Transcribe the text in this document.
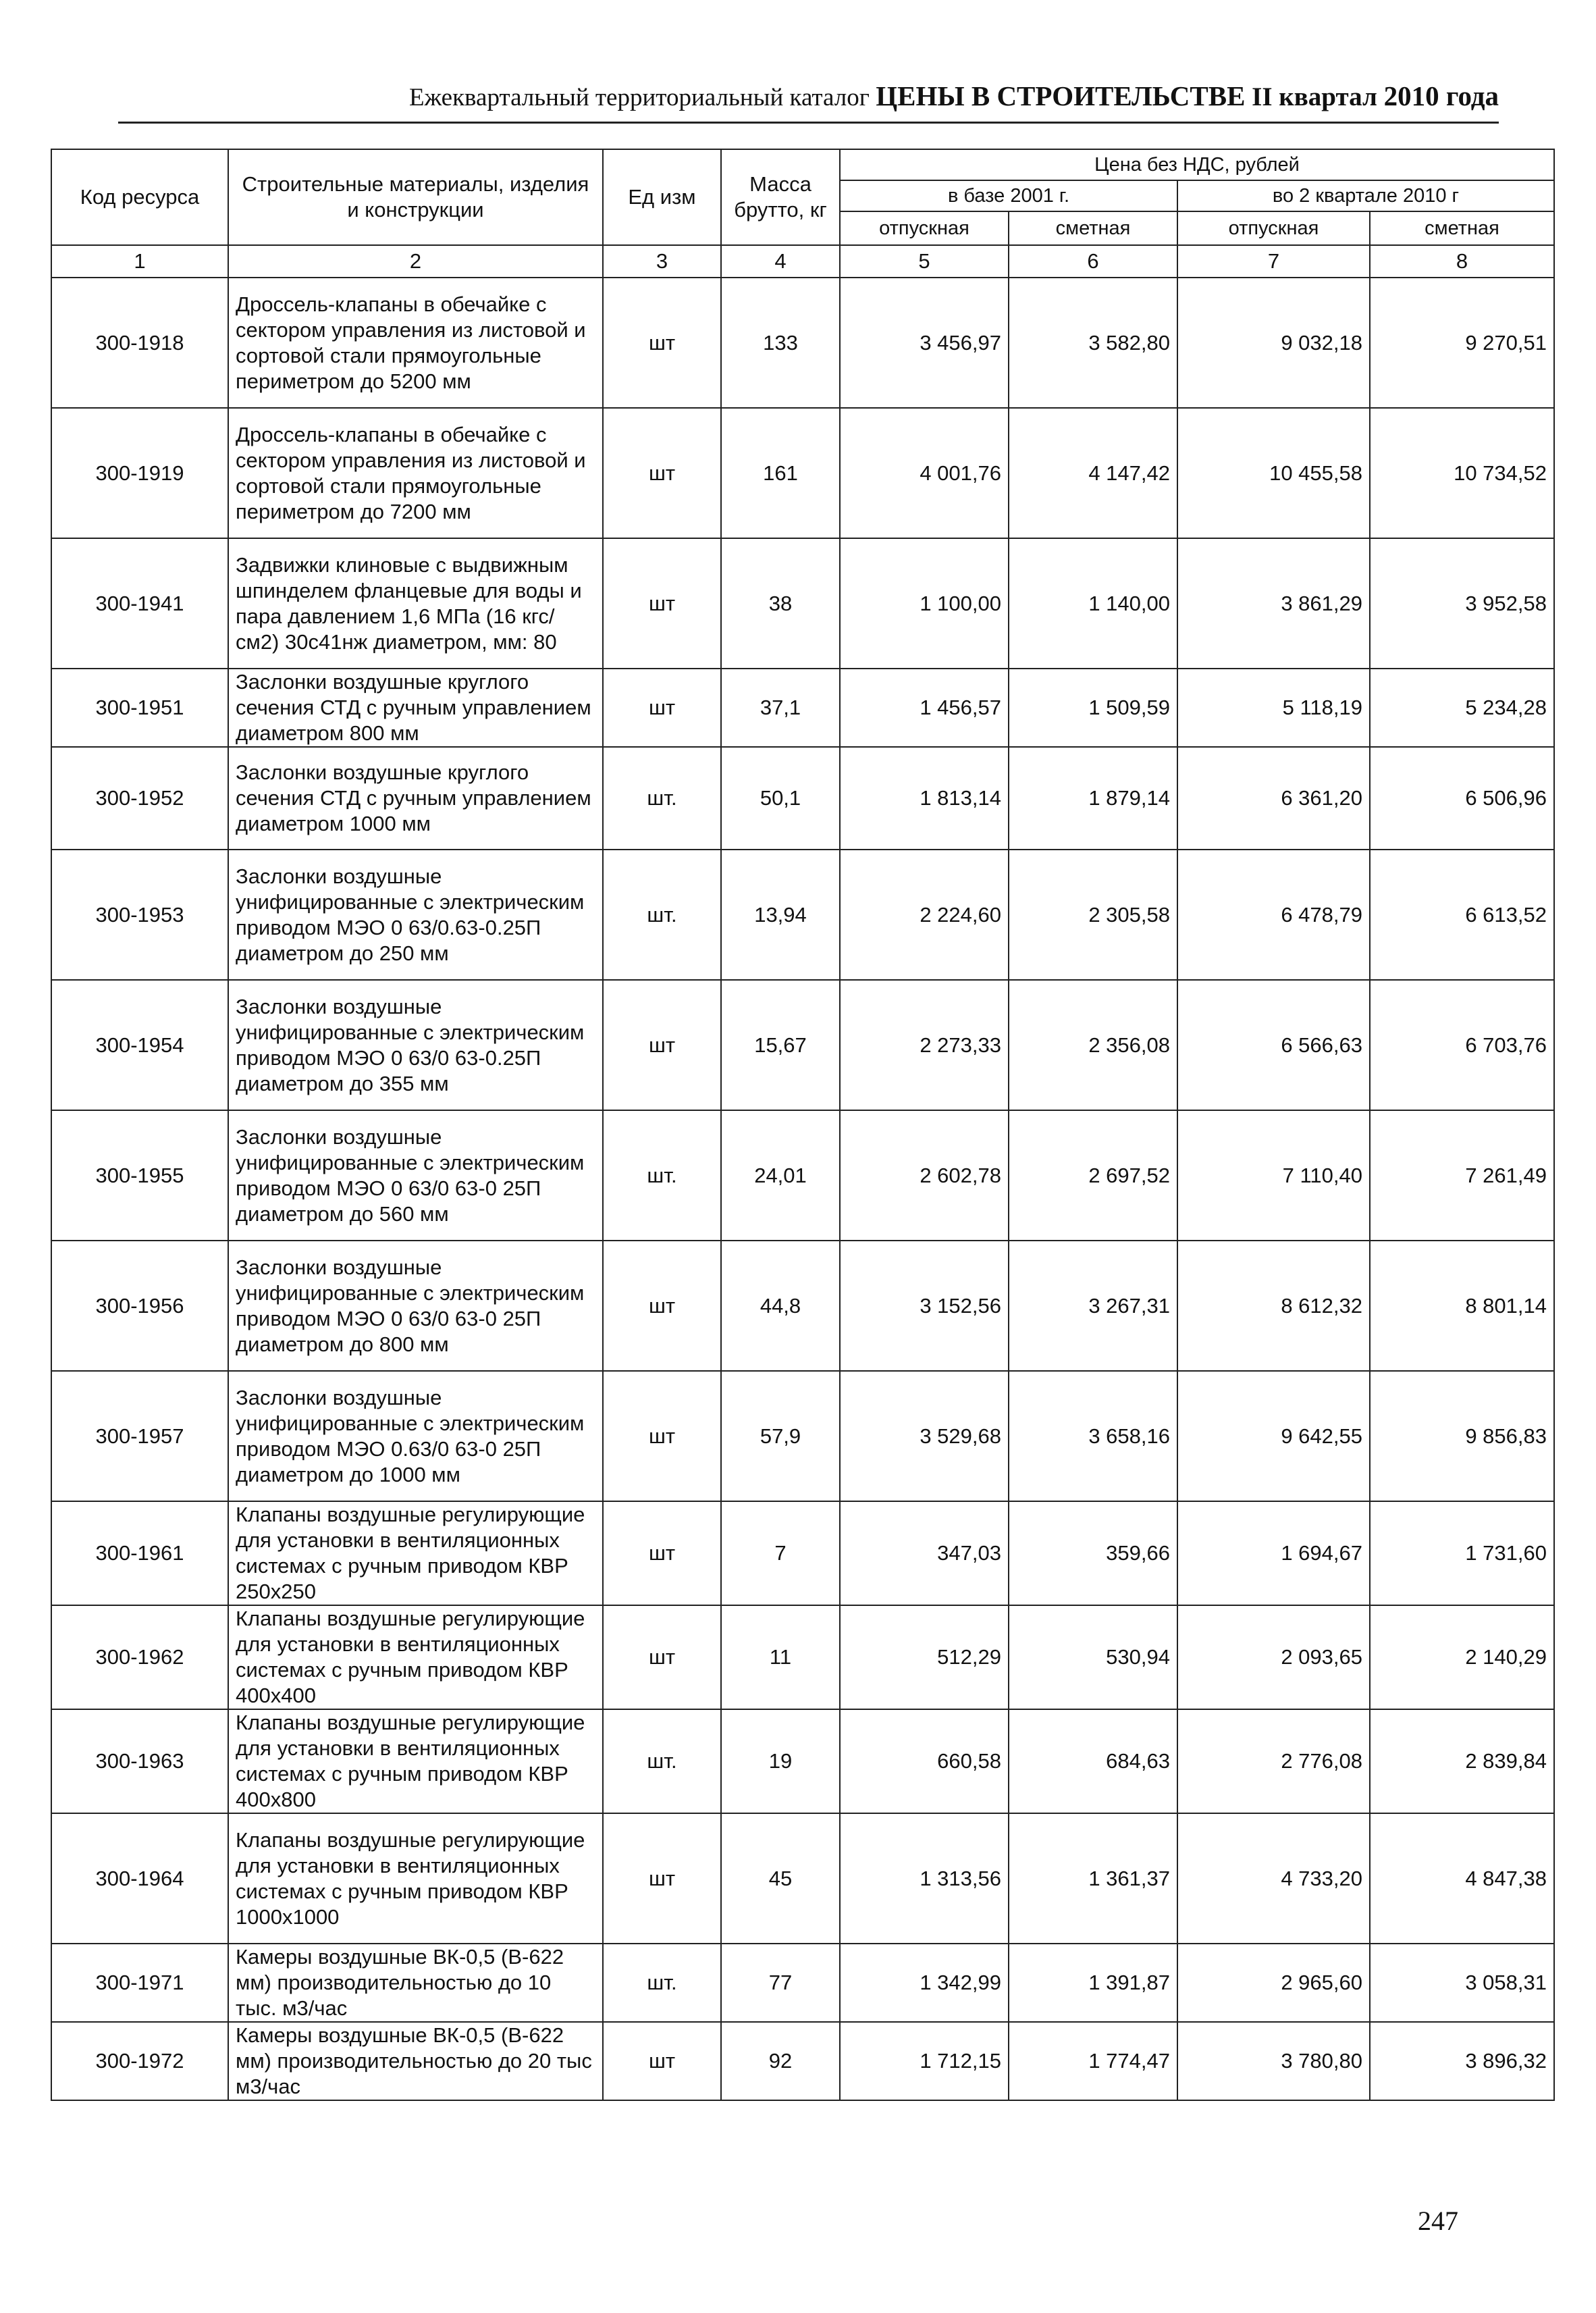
Ежеквартальный территориальный каталог ЦЕНЫ В СТРОИТЕЛЬСТВЕ II квартал 2010 года
Код ресурса	Строительные материалы, изделия и конструкции	Ед изм	Масса брутто, кг	Цена без НДС, рублей			
				в базе 2001 г.		во 2 квартале 2010 г	
				отпускная	сметная	отпускная	сметная
1	2	3	4	5	6	7	8
300-1918	Дроссель-клапаны в обечайке с сектором управления из листовой и сортовой стали прямоугольные периметром до 5200 мм	шт	133	3 456,97	3 582,80	9 032,18	9 270,51
300-1919	Дроссель-клапаны в обечайке с сектором управления из листовой и сортовой стали прямоугольные периметром до 7200 мм	шт	161	4 001,76	4 147,42	10 455,58	10 734,52
300-1941	Задвижки клиновые с выдвижным шпинделем фланцевые для воды и пара давлением 1,6 МПа (16 кгс/см2) 30с41нж диаметром, мм: 80	шт	38	1 100,00	1 140,00	3 861,29	3 952,58
300-1951	Заслонки воздушные круглого сечения СТД с ручным управлением диаметром 800 мм	шт	37,1	1 456,57	1 509,59	5 118,19	5 234,28
300-1952	Заслонки воздушные круглого сечения СТД с ручным управлением диаметром 1000 мм	шт.	50,1	1 813,14	1 879,14	6 361,20	6 506,96
300-1953	Заслонки воздушные унифицированные с электрическим приводом МЭО 0 63/0.63-0.25П диаметром до 250 мм	шт.	13,94	2 224,60	2 305,58	6 478,79	6 613,52
300-1954	Заслонки воздушные унифицированные с электрическим приводом МЭО 0 63/0 63-0.25П диаметром до 355 мм	шт	15,67	2 273,33	2 356,08	6 566,63	6 703,76
300-1955	Заслонки воздушные унифицированные с электрическим приводом МЭО 0 63/0 63-0 25П диаметром до 560 мм	шт.	24,01	2 602,78	2 697,52	7 110,40	7 261,49
300-1956	Заслонки воздушные унифицированные с электрическим приводом МЭО 0 63/0 63-0 25П диаметром до 800 мм	шт	44,8	3 152,56	3 267,31	8 612,32	8 801,14
300-1957	Заслонки воздушные унифицированные с электрическим приводом МЭО 0.63/0 63-0 25П диаметром до 1000 мм	шт	57,9	3 529,68	3 658,16	9 642,55	9 856,83
300-1961	Клапаны воздушные регулирующие для установки в вентиляционных системах с ручным приводом КВР 250х250	шт	7	347,03	359,66	1 694,67	1 731,60
300-1962	Клапаны воздушные регулирующие для установки в вентиляционных системах с ручным приводом КВР 400х400	шт	11	512,29	530,94	2 093,65	2 140,29
300-1963	Клапаны воздушные регулирующие для установки в вентиляционных системах с ручным приводом КВР 400х800	шт.	19	660,58	684,63	2 776,08	2 839,84
300-1964	Клапаны воздушные регулирующие для установки в вентиляционных системах с ручным приводом КВР 1000х1000	шт	45	1 313,56	1 361,37	4 733,20	4 847,38
300-1971	Камеры воздушные ВК-0,5 (В-622 мм) производительностью до 10 тыс. м3/час	шт.	77	1 342,99	1 391,87	2 965,60	3 058,31
300-1972	Камеры воздушные ВК-0,5 (В-622 мм) производительностью до 20 тыс м3/час	шт	92	1 712,15	1 774,47	3 780,80	3 896,32
247
